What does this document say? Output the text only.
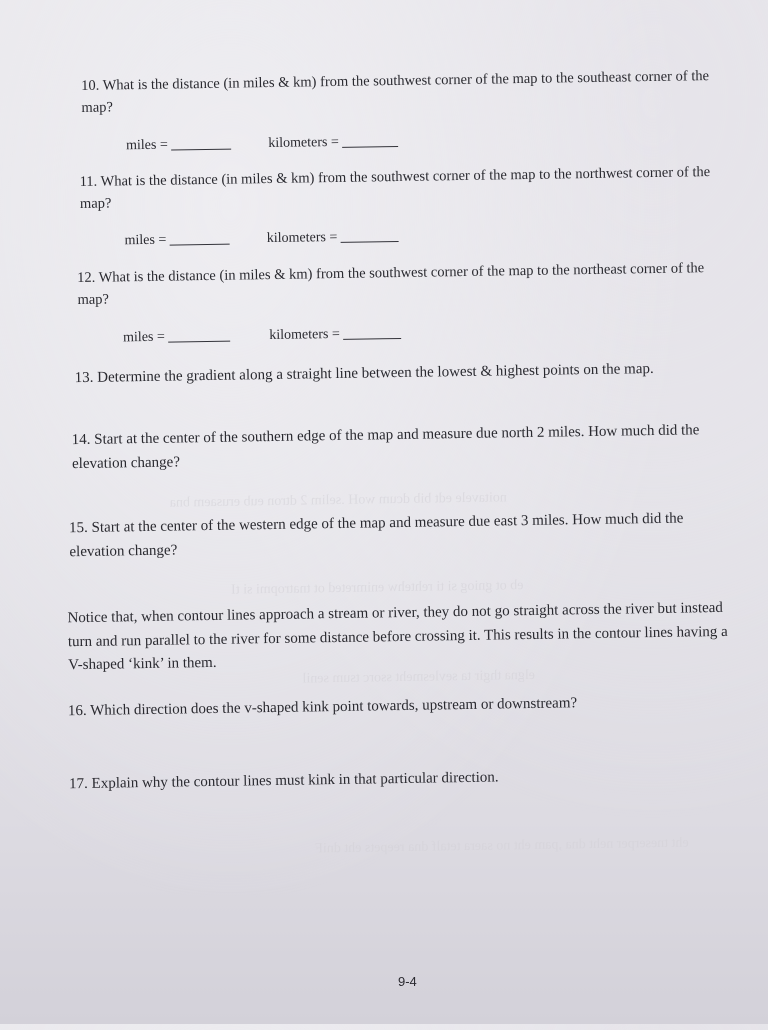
noitavele edt bib dcum woH .selim 2 dtron eub erusaem bna
eb ot gniog si ti rehtehw enimreted ot tnatropmi si tI
elgna thgir ta sevlesmeht ssorc tsum senil
eht tneserper neht dna ,pam eht no saera tetalf dna reepets eht dniF
10. What is the distance (in miles & km) from the southwest corner of the map to the southeast corner of the map?
miles =	kilometers =
11. What is the distance (in miles & km) from the southwest corner of the map to the northwest corner of the map?
miles =	kilometers =
12. What is the distance (in miles & km) from the southwest corner of the map to the northeast corner of the map?
miles =	kilometers =
13. Determine the gradient along a straight line between the lowest & highest points on the map.
14. Start at the center of the southern edge of the map and measure due north 2 miles. How much did the elevation change?
15. Start at the center of the western edge of the map and measure due east 3 miles. How much did the elevation change?
Notice that, when contour lines approach a stream or river, they do not go straight across the river but instead turn and run parallel to the river for some distance before crossing it. This results in the contour lines having a V-shaped ‘kink’ in them.
16. Which direction does the v-shaped kink point towards, upstream or downstream?
17. Explain why the contour lines must kink in that particular direction.
9-4
